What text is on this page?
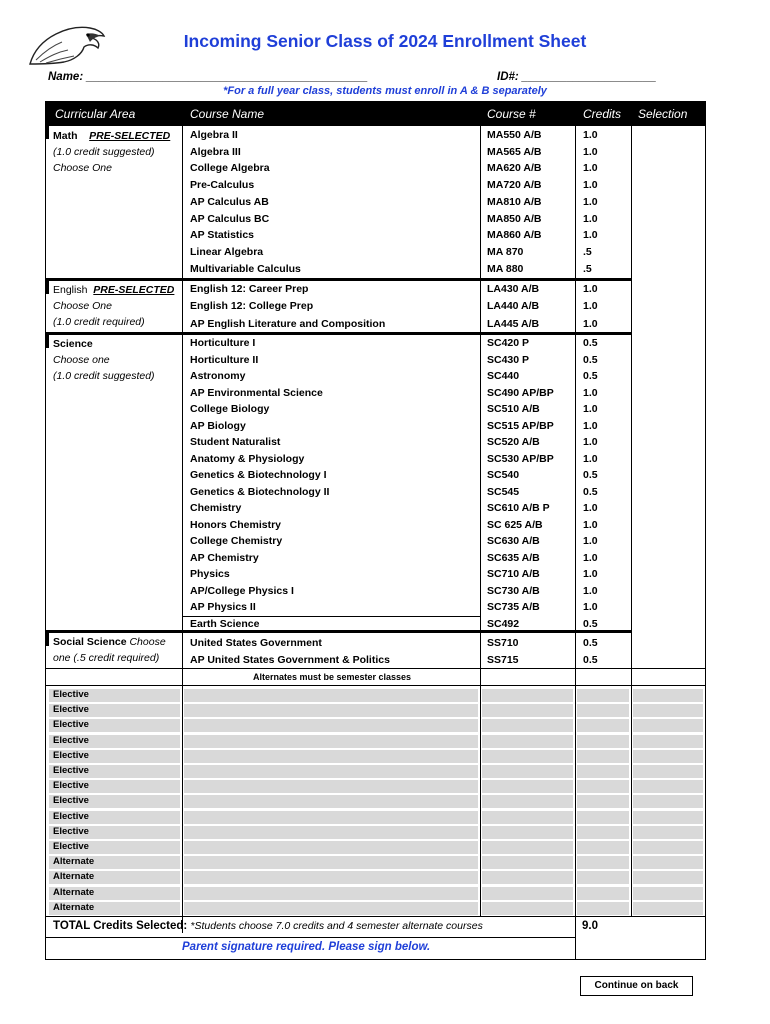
Incoming Senior Class of 2024 Enrollment Sheet
Name: ____________________________________________	ID#: _____________________
*For a full year class, students must enroll in A & B separately
Curricular Area	Course Name	Course #	Credits Selection
Math PRE-SELECTED
(1.0 credit suggested)
Choose One
Algebra II	MA550 A/B	1.0
Algebra III	MA565 A/B	1.0
College Algebra	MA620 A/B	1.0
Pre-Calculus	MA720 A/B	1.0
AP Calculus AB	MA810 A/B	1.0
AP Calculus BC	MA850 A/B	1.0
AP Statistics	MA860 A/B	1.0
Linear Algebra	MA 870	.5
Multivariable Calculus	MA 880	.5
English PRE-SELECTED
Choose One
(1.0 credit required)
English 12: Career Prep	LA430 A/B	1.0
English 12: College Prep	LA440 A/B	1.0
AP English Literature and Composition	LA445 A/B	1.0
Science
Choose one
(1.0 credit suggested)
Horticulture I	SC420 P	0.5
Horticulture II	SC430 P	0.5
Astronomy	SC440	0.5
AP Environmental Science	SC490 AP/BP	1.0
College Biology	SC510 A/B	1.0
AP Biology	SC515 AP/BP	1.0
Student Naturalist	SC520 A/B	1.0
Anatomy & Physiology	SC530 AP/BP	1.0
Genetics & Biotechnology I	SC540	0.5
Genetics & Biotechnology II	SC545	0.5
Chemistry	SC610 A/B P	1.0
Honors Chemistry	SC 625 A/B	1.0
College Chemistry	SC630 A/B	1.0
AP Chemistry	SC635 A/B	1.0
Physics	SC710 A/B	1.0
AP/College Physics I	SC730 A/B	1.0
AP Physics II	SC735 A/B	1.0
Earth Science	SC492	0.5
Social Science Choose
one (.5 credit required)
United States Government	SS710	0.5
AP United States Government & Politics	SS715	0.5
Alternates must be semester classes
Elective
Elective
Elective
Elective
Elective
Elective
Elective
Elective
Elective
Elective
Elective
Alternate
Alternate
Alternate
Alternate
TOTAL Credits Selected: *Students choose 7.0 credits and 4 semester alternate courses	9.0
Parent signature required. Please sign below.
Continue on back
